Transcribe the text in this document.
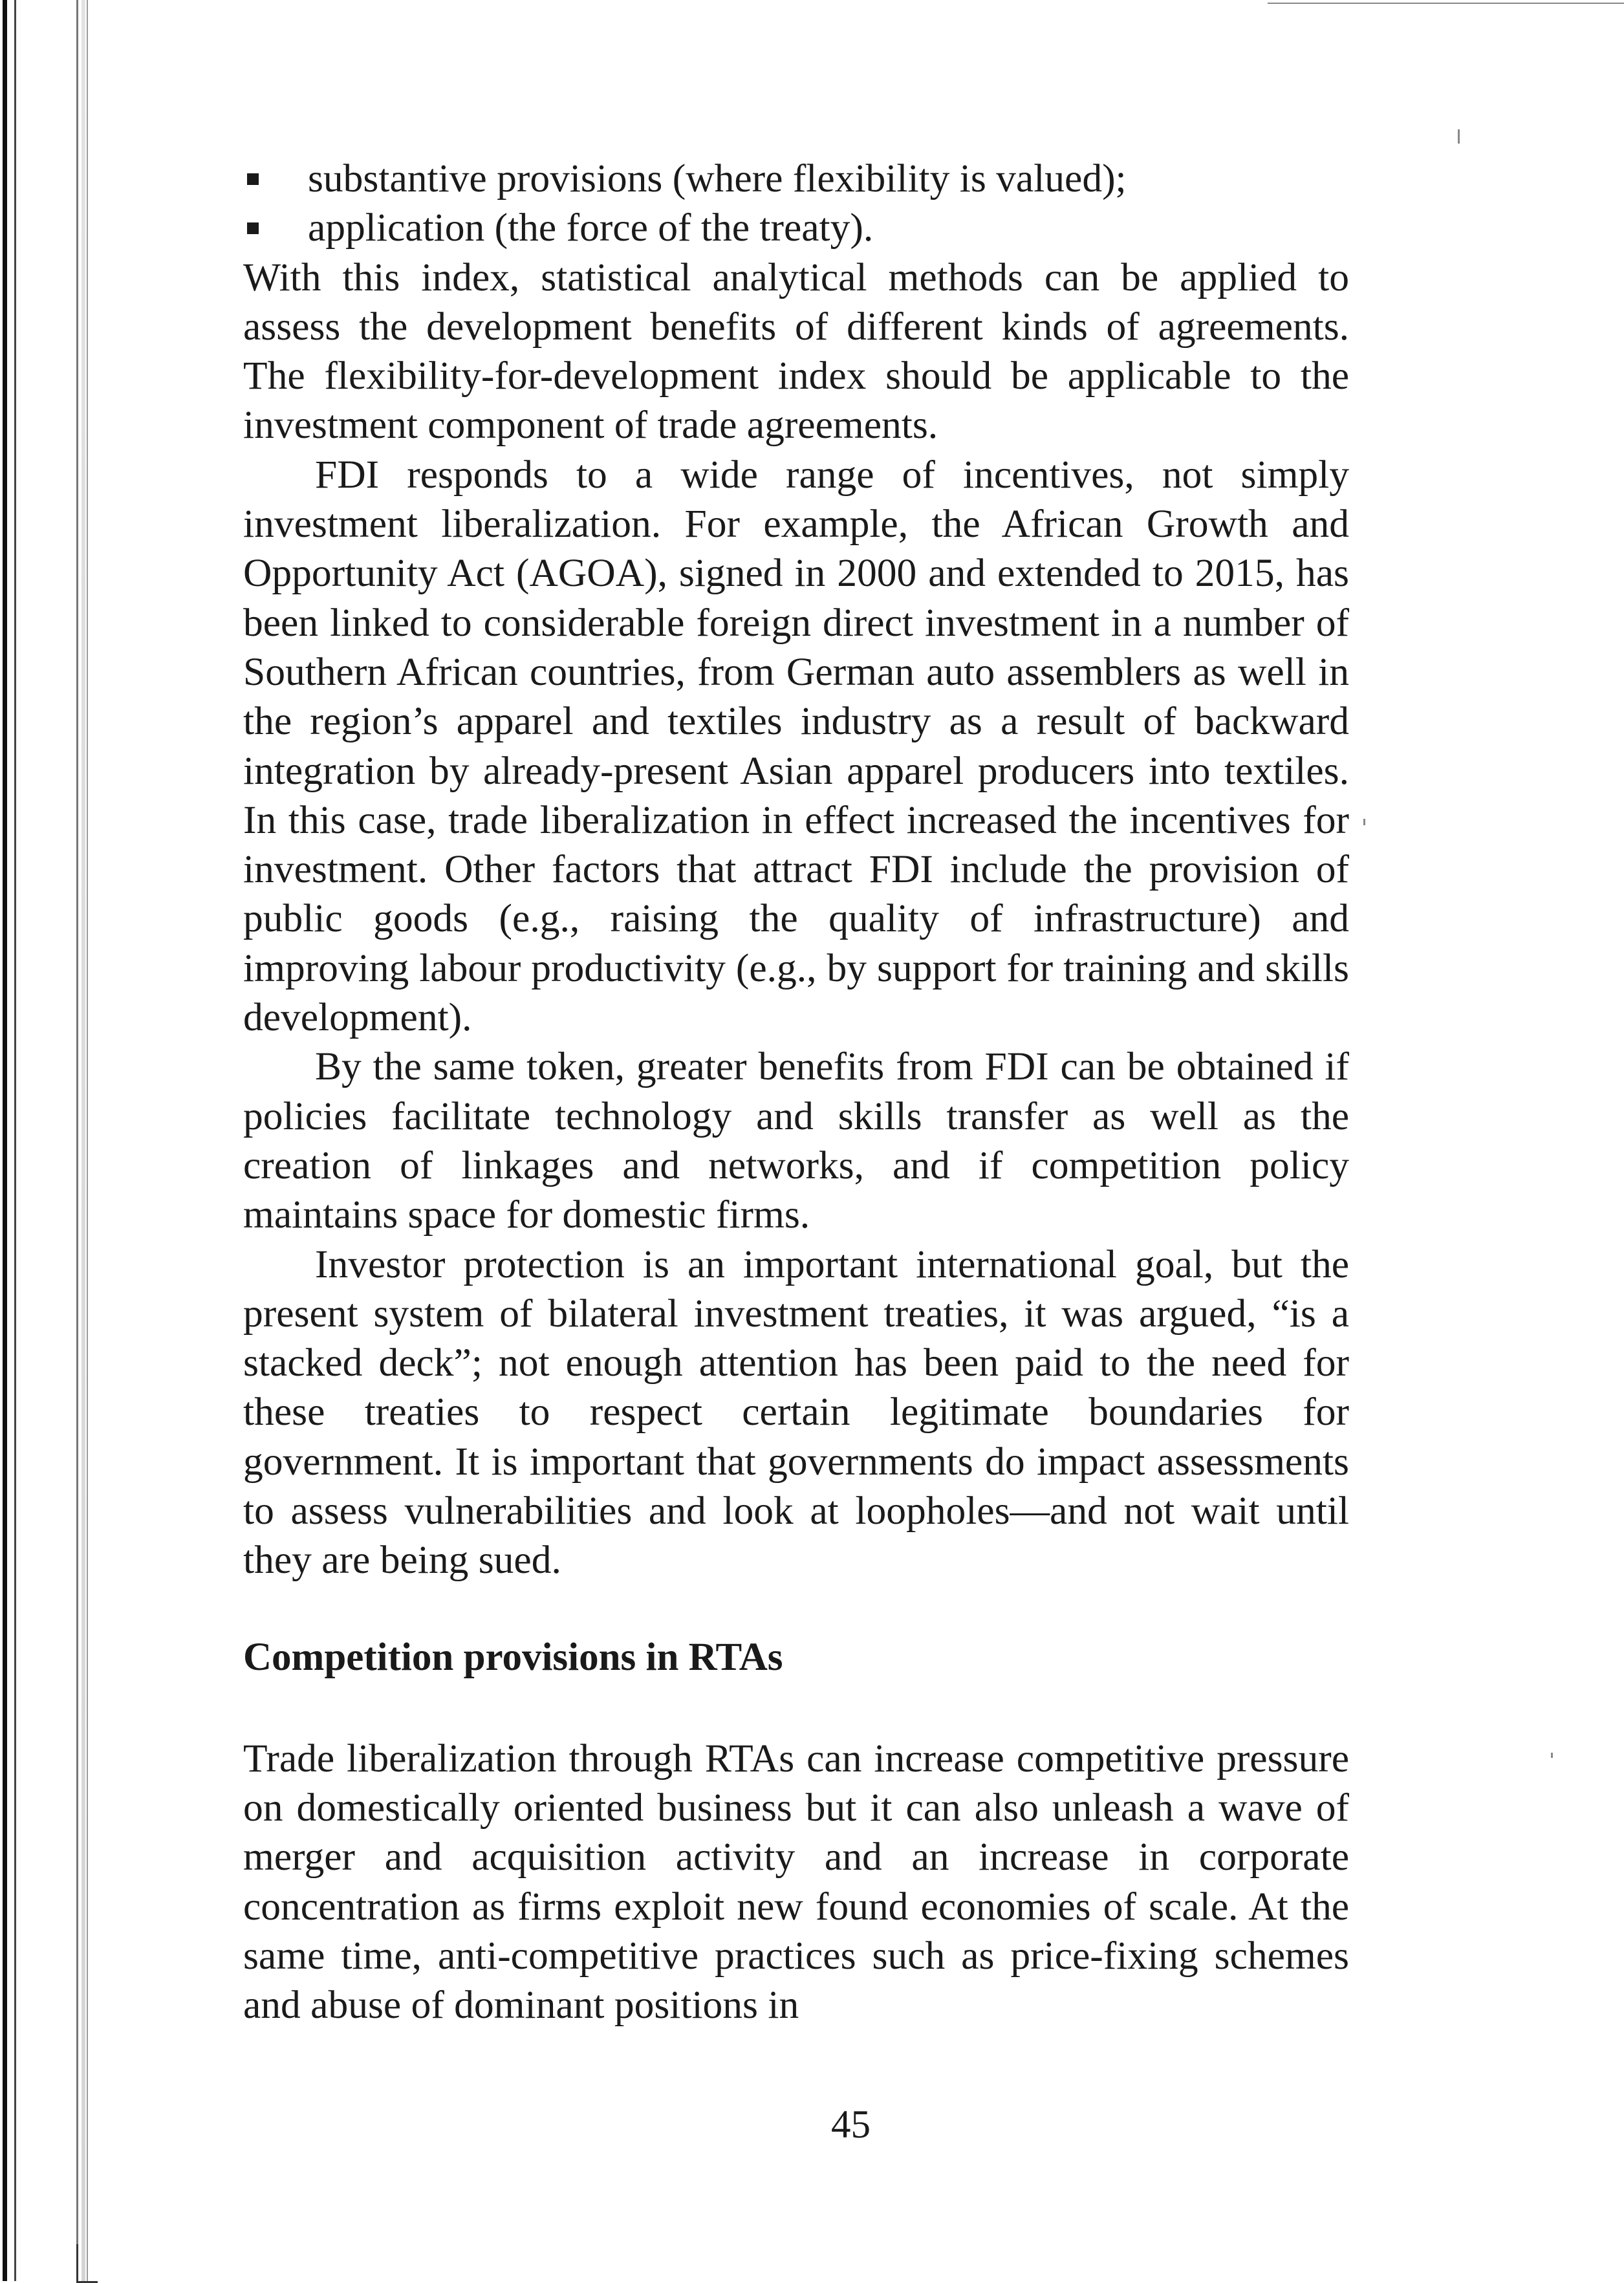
substantive provisions (where flexibility is valued);
application (the force of the treaty).

With this index, statistical analytical methods can be applied to assess the development benefits of different kinds of agreements. The flexibility-for-development index should be applicable to the investment component of trade agreements.

FDI responds to a wide range of incentives, not simply investment liberalization. For example, the African Growth and Opportunity Act (AGOA), signed in 2000 and extended to 2015, has been linked to considerable foreign direct investment in a number of Southern African countries, from German auto assemblers as well in the region’s apparel and textiles industry as a result of backward integration by already-present Asian apparel producers into textiles. In this case, trade liberalization in effect increased the incentives for investment. Other factors that attract FDI include the provision of public goods (e.g., raising the quality of infrastructure) and improving labour productivity (e.g., by support for training and skills development).

By the same token, greater benefits from FDI can be obtained if policies facilitate technology and skills transfer as well as the creation of linkages and networks, and if competition policy maintains space for domestic firms.

Investor protection is an important international goal, but the present system of bilateral investment treaties, it was argued, “is a stacked deck”; not enough attention has been paid to the need for these treaties to respect certain legitimate boundaries for government. It is important that governments do impact assessments to assess vulnerabilities and look at loopholes—and not wait until they are being sued.

Competition provisions in RTAs

Trade liberalization through RTAs can increase competitive pressure on domestically oriented business but it can also unleash a wave of merger and acquisition activity and an increase in corporate concentration as firms exploit new found economies of scale. At the same time, anti-competitive practices such as price-fixing schemes and abuse of dominant positions in

45
